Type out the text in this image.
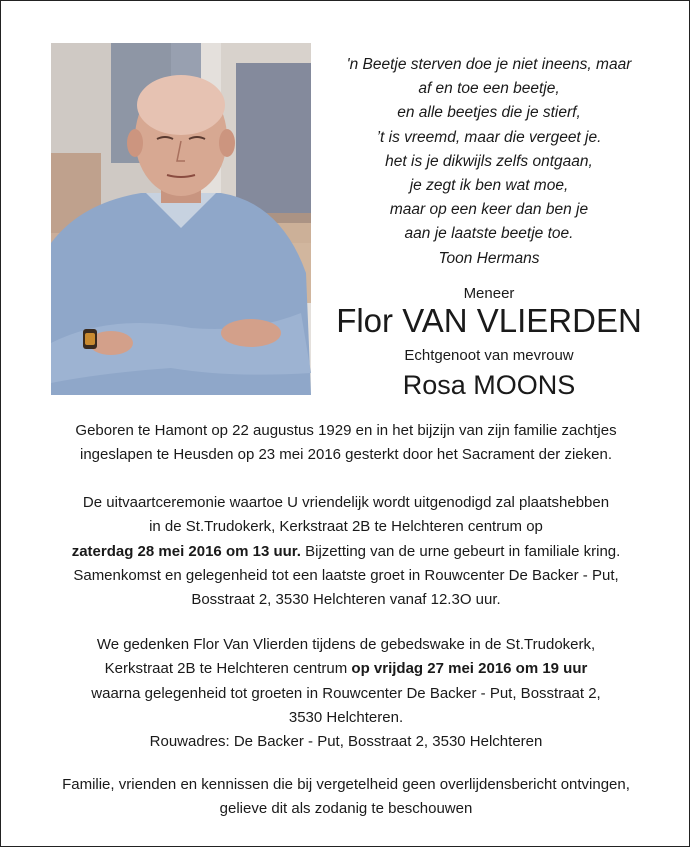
'n Beetje sterven doe je niet ineens, maar
af en toe een beetje,
en alle beetjes die je stierf,
’t is vreemd, maar die vergeet je.
het is je dikwijls zelfs ontgaan,
je zegt ik ben wat moe,
maar op een keer dan ben je
aan je laatste beetje toe.
Toon Hermans
Meneer
Flor VAN VLIERDEN
Echtgenoot van mevrouw
Rosa MOONS
Geboren te Hamont op 22 augustus 1929 en in het bijzijn van zijn familie zachtjes
ingeslapen te Heusden op 23 mei 2016 gesterkt door het Sacrament der zieken.
De uitvaartceremonie waartoe U vriendelijk wordt uitgenodigd zal plaatshebben
in de St.Trudokerk, Kerkstraat 2B te Helchteren centrum op
zaterdag 28 mei 2016 om 13 uur. Bijzetting van de urne gebeurt in familiale kring.
Samenkomst en gelegenheid tot een laatste groet in Rouwcenter De Backer - Put,
Bosstraat 2, 3530 Helchteren vanaf 12.3O uur.
We gedenken Flor Van Vlierden tijdens de gebedswake in de St.Trudokerk,
Kerkstraat 2B te Helchteren centrum op vrijdag 27 mei 2016 om 19 uur
waarna gelegenheid tot groeten in Rouwcenter De Backer - Put, Bosstraat 2,
3530 Helchteren.
Rouwadres: De Backer - Put, Bosstraat 2, 3530 Helchteren
Familie, vrienden en kennissen die bij vergetelheid geen overlijdensbericht ontvingen,
gelieve dit als zodanig te beschouwen
